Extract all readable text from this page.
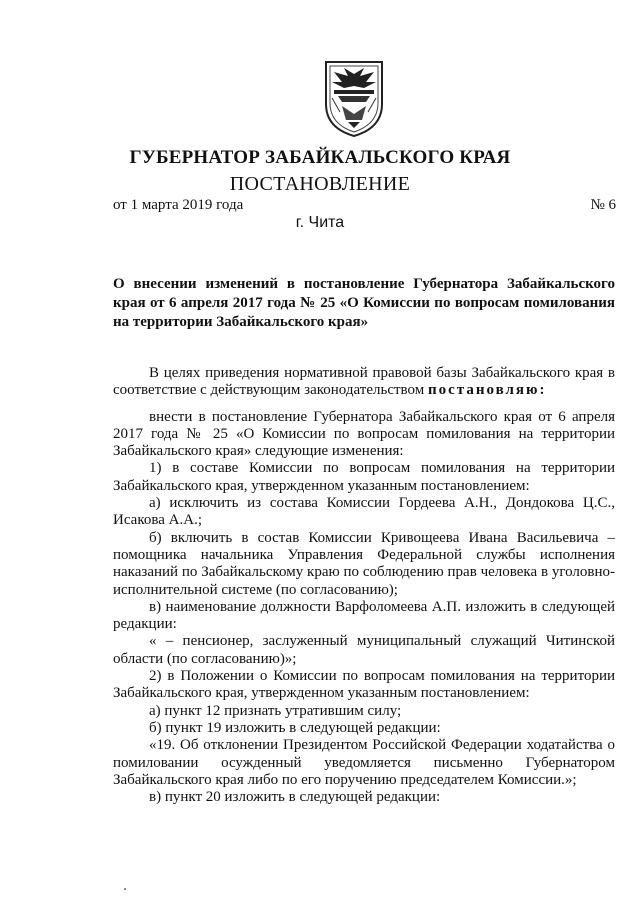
ГУБЕРНАТОР ЗАБАЙКАЛЬСКОГО КРАЯ
ПОСТАНОВЛЕНИЕ
от 1 марта 2019 года	№ 6
г. Чита

О внесении изменений в постановление Губернатора Забайкальского края от 6 апреля 2017 года № 25 «О Комиссии по вопросам помилования на территории Забайкальского края»

В целях приведения нормативной правовой базы Забайкальского края в соответствие с действующим законодательством постановляю:

внести в постановление Губернатора Забайкальского края от 6 апреля 2017 года № 25 «О Комиссии по вопросам помилования на территории Забайкальского края» следующие изменения:

1) в составе Комиссии по вопросам помилования на территории Забайкальского края, утвержденном указанным постановлением:

а) исключить из состава Комиссии Гордеева А.Н., Дондокова Ц.С., Исакова А.А.;

б) включить в состав Комиссии Кривощеева Ивана Васильевича – помощника начальника Управления Федеральной службы исполнения наказаний по Забайкальскому краю по соблюдению прав человека в уголовно-исполнительной системе (по согласованию);

в) наименование должности Варфоломеева А.П. изложить в следующей редакции:

« – пенсионер, заслуженный муниципальный служащий Читинской области (по согласованию)»;

2) в Положении о Комиссии по вопросам помилования на территории Забайкальского края, утвержденном указанным постановлением:

а) пункт 12 признать утратившим силу;

б) пункт 19 изложить в следующей редакции:

«19. Об отклонении Президентом Российской Федерации ходатайства о помиловании осужденный уведомляется письменно Губернатором Забайкальского края либо по его поручению председателем Комиссии.»;

в) пункт 20 изложить в следующей редакции:
